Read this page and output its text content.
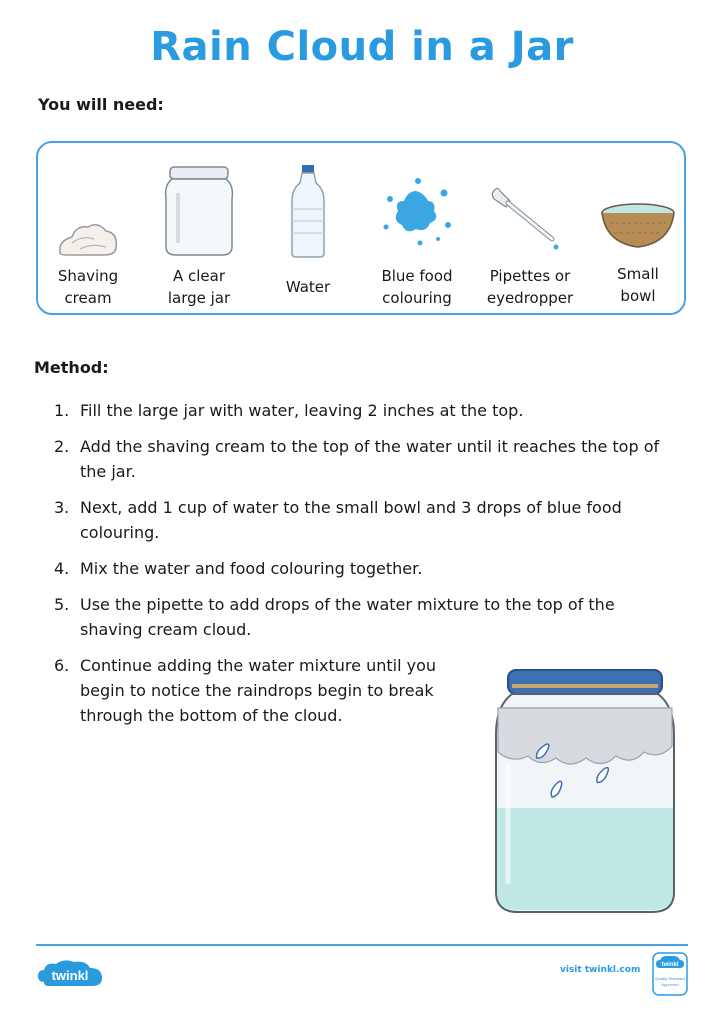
Rain Cloud in a Jar
You will need:
Shaving
cream
A clear
large jar
Water
Blue food
colouring
Pipettes or
eyedropper
Small
bowl
Method:
1. Fill the large jar with water, leaving 2 inches at the top.
2. Add the shaving cream to the top of the water until it reaches the top of the jar.
3. Next, add 1 cup of water to the small bowl and 3 drops of blue food colouring.
4. Mix the water and food colouring together.
5. Use the pipette to add drops of the water mixture to the top of the shaving cream cloud.
6. Continue adding the water mixture until you begin to notice the raindrops begin to break through the bottom of the cloud.
twinkl	visit twinkl.com	twinkl
Quality Standard
Approved
